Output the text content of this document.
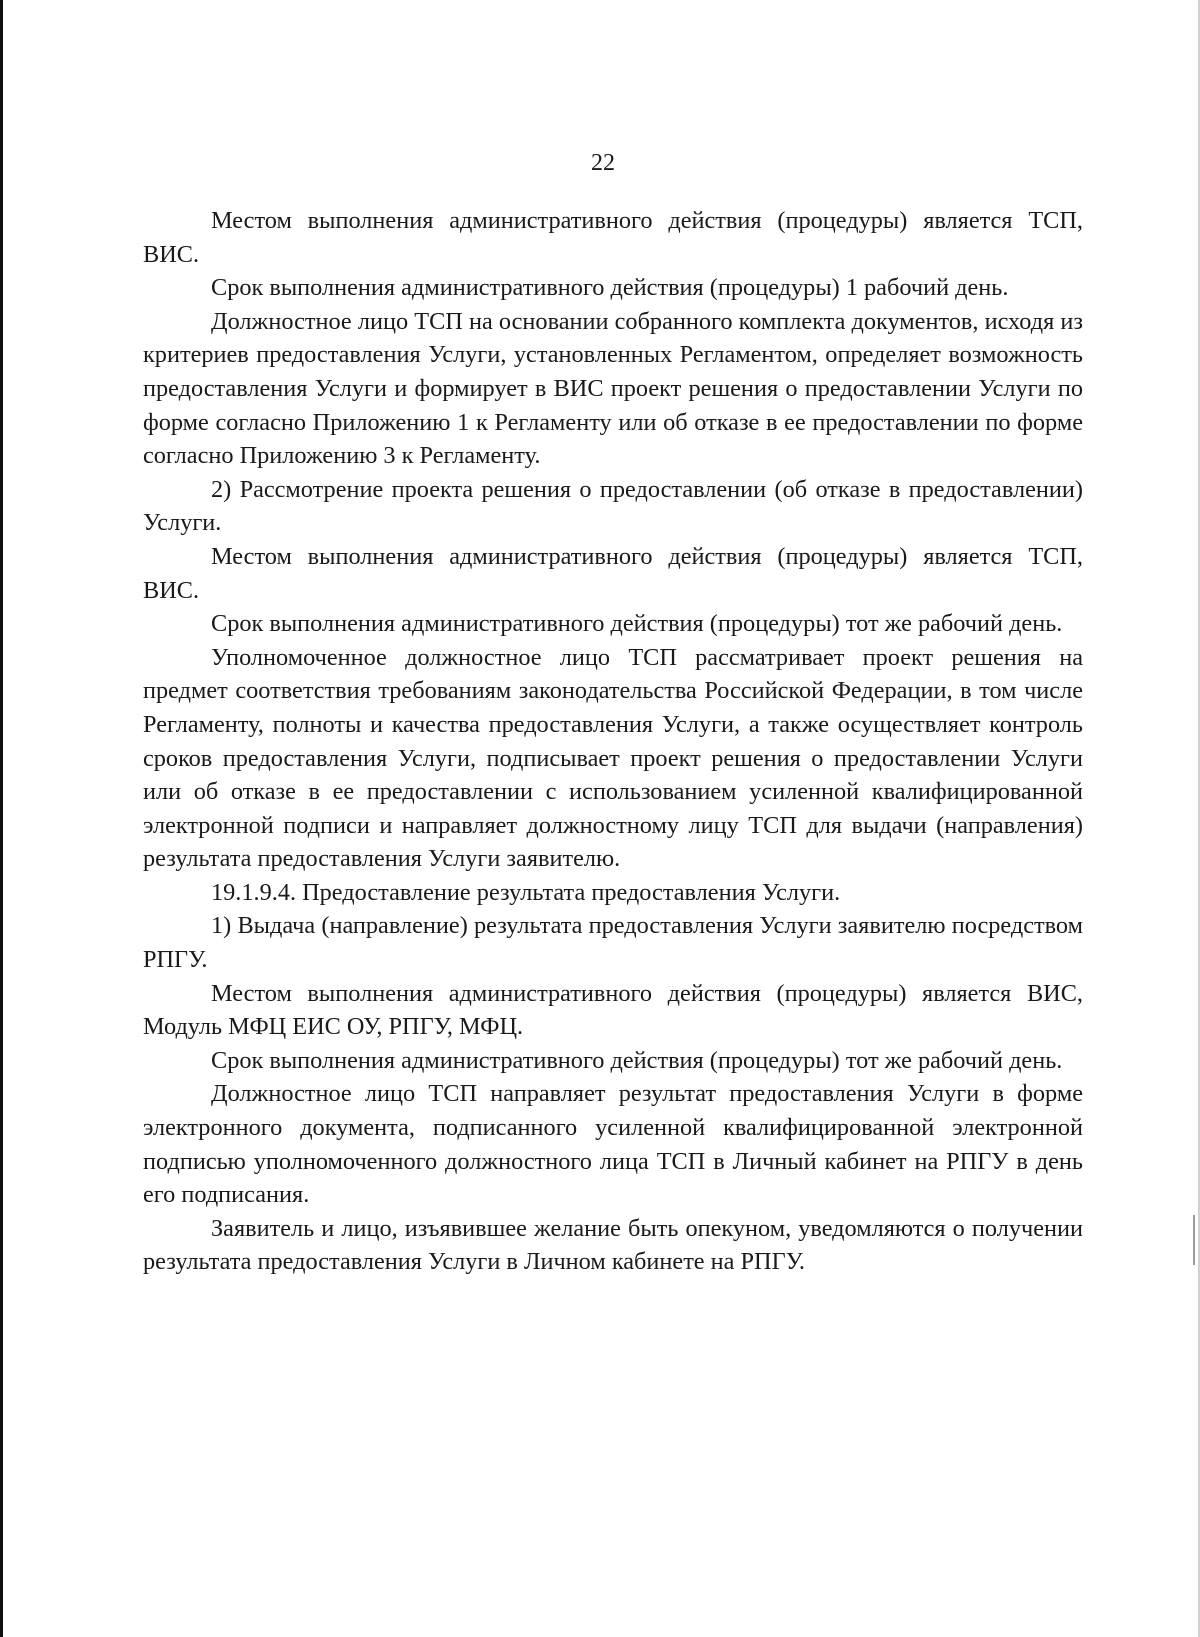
22

Местом выполнения административного действия (процедуры) является ТСП, ВИС.

Срок выполнения административного действия (процедуры) 1 рабочий день.

Должностное лицо ТСП на основании собранного комплекта документов, исходя из критериев предоставления Услуги, установленных Регламентом, определяет возможность предоставления Услуги и формирует в ВИС проект решения о предоставлении Услуги по форме согласно Приложению 1 к Регламенту или об отказе в ее предоставлении по форме согласно Приложению 3 к Регламенту.

2) Рассмотрение проекта решения о предоставлении (об отказе в предоставлении) Услуги.

Местом выполнения административного действия (процедуры) является ТСП, ВИС.

Срок выполнения административного действия (процедуры) тот же рабочий день.

Уполномоченное должностное лицо ТСП рассматривает проект решения на предмет соответствия требованиям законодательства Российской Федерации, в том числе Регламенту, полноты и качества предоставления Услуги, а также осуществляет контроль сроков предоставления Услуги, подписывает проект решения о предоставлении Услуги или об отказе в ее предоставлении с использованием усиленной квалифицированной электронной подписи и направляет должностному лицу ТСП для выдачи (направления) результата предоставления Услуги заявителю.

19.1.9.4. Предоставление результата предоставления Услуги.

1) Выдача (направление) результата предоставления Услуги заявителю посредством РПГУ.

Местом выполнения административного действия (процедуры) является ВИС, Модуль МФЦ ЕИС ОУ, РПГУ, МФЦ.

Срок выполнения административного действия (процедуры) тот же рабочий день.

Должностное лицо ТСП направляет результат предоставления Услуги в форме электронного документа, подписанного усиленной квалифицированной электронной подписью уполномоченного должностного лица ТСП в Личный кабинет на РПГУ в день его подписания.

Заявитель и лицо, изъявившее желание быть опекуном, уведомляются о получении результата предоставления Услуги в Личном кабинете на РПГУ.
